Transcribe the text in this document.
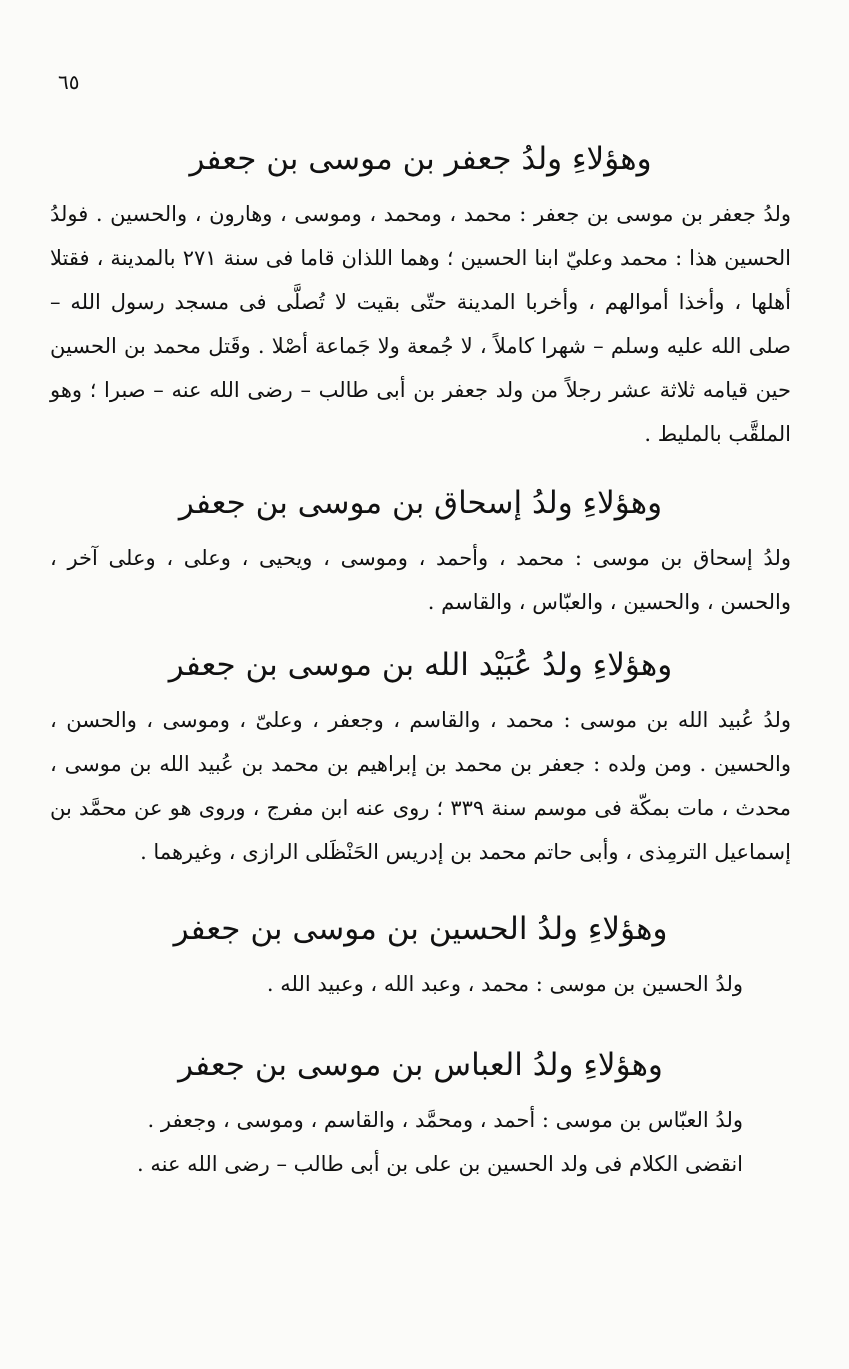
٦٥
وهؤلاءِ ولدُ جعفر بن موسى بن جعفر

ولدُ جعفر بن موسى بن جعفر : محمد ، ومحمد ، وموسى ، وهارون ، والحسين . فولدُ الحسين هذا : محمد وعليّ ابنا الحسين ؛ وهما اللذان قاما فى سنة ٢٧١ بالمدينة ، فقتلا أهلها ، وأخذا أموالهم ، وأخربا المدينة حتّى بقيت لا تُصلَّى فى مسجد رسول الله – صلى الله عليه وسلم – شهرا كاملاً ، لا جُمعة ولا جَماعة أصْلا . وقَتل محمد بن الحسين حين قيامه ثلاثة عشر رجلاً من ولد جعفر بن أبى طالب – رضى الله عنه – صبرا ؛ وهو الملقَّب بالمليط .

وهؤلاءِ ولدُ إسحاق بن موسى بن جعفر

ولدُ إسحاق بن موسى : محمد ، وأحمد ، وموسى ، ويحيى ، وعلى ، وعلى آخر ، والحسن ، والحسين ، والعبّاس ، والقاسم .

وهؤلاءِ ولدُ عُبَيْد الله بن موسى بن جعفر

ولدُ عُبيد الله بن موسى : محمد ، والقاسم ، وجعفر ، وعلىّ ، وموسى ، والحسن ، والحسين . ومن ولده : جعفر بن محمد بن إبراهيم بن محمد بن عُبيد الله بن موسى ، محدث ، مات بمكّة فى موسم سنة ٣٣٩ ؛ روى عنه ابن مفرج ، وروى هو عن محمَّد بن إسماعيل الترمِذى ، وأبى حاتم محمد بن إدريس الحَنْظَلى الرازى ، وغيرهما .

وهؤلاءِ ولدُ الحسين بن موسى بن جعفر

ولدُ الحسين بن موسى : محمد ، وعبد الله ، وعبيد الله .

وهؤلاءِ ولدُ العباس بن موسى بن جعفر

ولدُ العبّاس بن موسى : أحمد ، ومحمَّد ، والقاسم ، وموسى ، وجعفر .

انقضى الكلام فى ولد الحسين بن على بن أبى طالب – رضى الله عنه .
